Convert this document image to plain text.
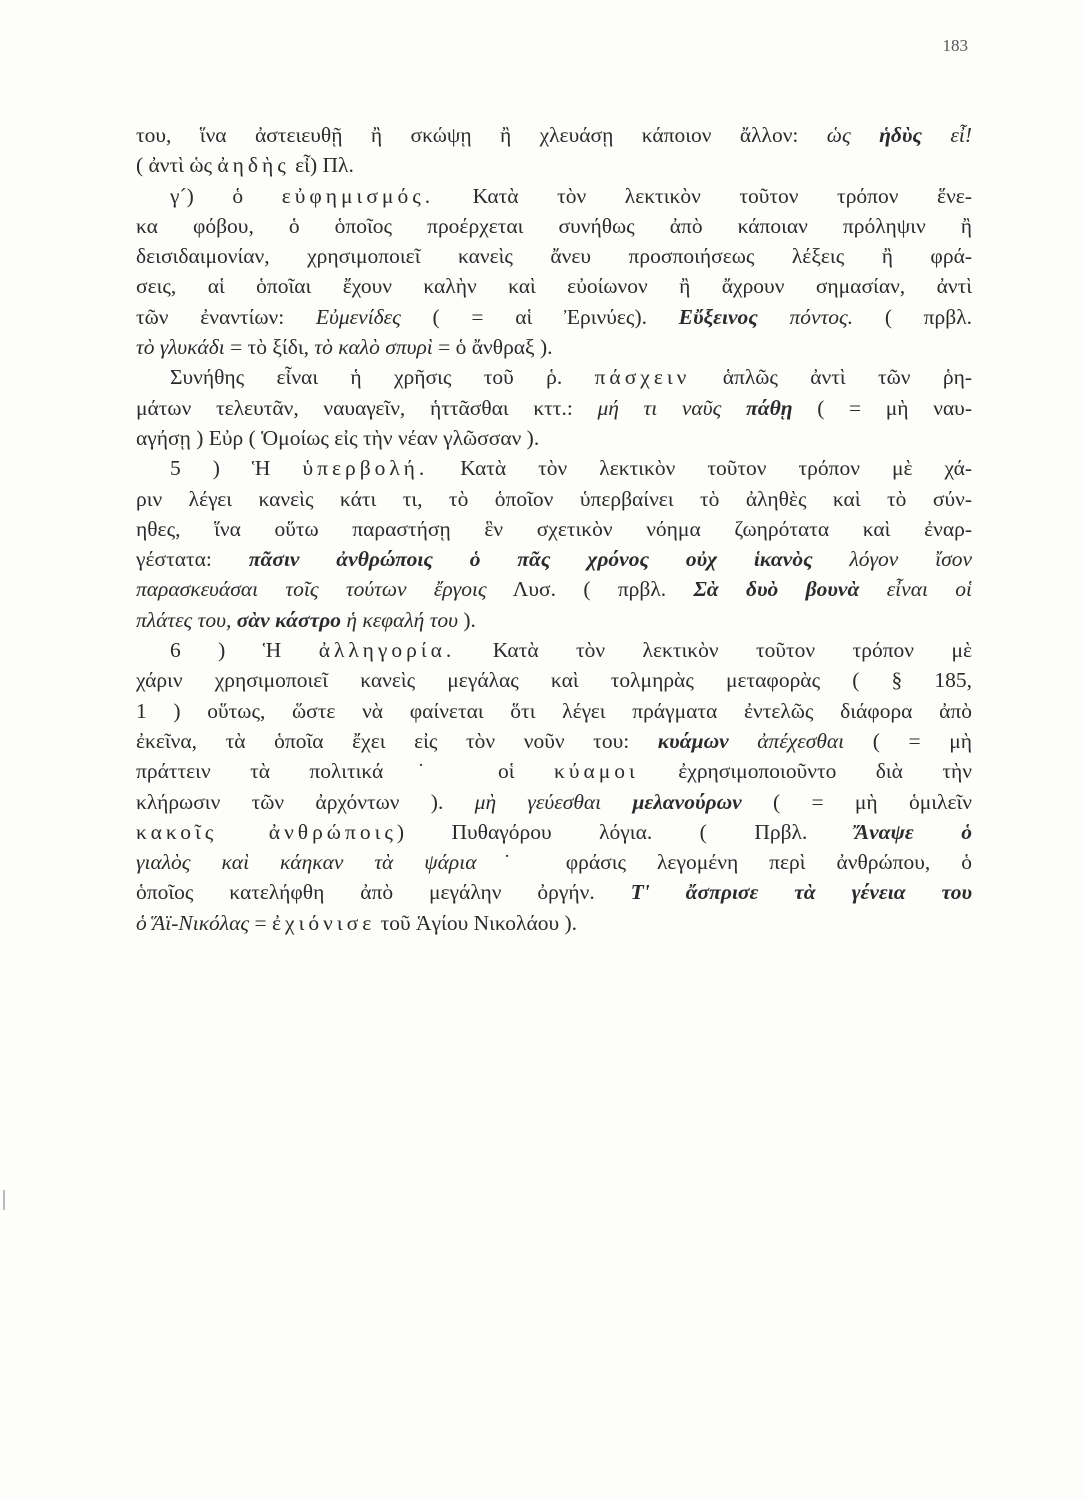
183
του, ἵνα ἀστειευθῇ ἢ σκώψῃ ἢ χλευάσῃ κάποιον ἄλλον: ὡς ἡδὺς εἶ!
( ἀντὶ ὡς ἀηδὴς εἶ) Πλ.
γ´) ὁ εὐφημισμός. Κατὰ τὸν λεκτικὸν τοῦτον τρόπον ἕνε-
κα φόβου, ὁ ὁποῖος προέρχεται συνήθως ἀπὸ κάποιαν πρόληψιν ἢ
δεισιδαιμονίαν, χρησιμοποιεῖ κανεὶς ἄνευ προσποιήσεως λέξεις ἢ φρά-
σεις, αἱ ὁποῖαι ἔχουν καλὴν καὶ εὐοίωνον ἢ ἄχρουν σημασίαν, ἀντὶ
τῶν ἐναντίων: Εὐμενίδες ( = αἱ Ἐρινύες). Εὔξεινος πόντος. ( πρβλ.
τὸ γλυκάδι = τὸ ξίδι, τὸ καλὸ σπυρὶ = ὁ ἄνθραξ ).
Συνήθης εἶναι ἡ χρῆσις τοῦ ῥ. πάσχειν ἁπλῶς ἀντὶ τῶν ῥη-
μάτων τελευτᾶν, ναυαγεῖν, ἡττᾶσθαι κττ.: μή τι ναῦς πάθῃ ( = μὴ ναυ-
αγήσῃ ) Εὐρ ( Ὁμοίως εἰς τὴν νέαν γλῶσσαν ).
5 ) Ἡ ὑπερβολή. Κατὰ τὸν λεκτικὸν τοῦτον τρόπον μὲ χά-
ριν λέγει κανεὶς κάτι τι, τὸ ὁποῖον ὑπερβαίνει τὸ ἀληθὲς καὶ τὸ σύν-
ηθες, ἵνα οὕτω παραστήσῃ ἓν σχετικὸν νόημα ζωηρότατα καὶ ἐναρ-
γέστατα: πᾶσιν ἀνθρώποις ὁ πᾶς χρόνος οὐχ ἱκανὸς λόγον ἴσον
παρασκευάσαι τοῖς τούτων ἔργοις Λυσ. ( πρβλ. Σὰ δυὸ βουνὰ εἶναι οἱ
πλάτες του, σὰν κάστρο ἡ κεφαλή του ).
6 ) Ἡ ἀλληγορία. Κατὰ τὸν λεκτικὸν τοῦτον τρόπον μὲ
χάριν χρησιμοποιεῖ κανεὶς μεγάλας καὶ τολμηρὰς μεταφορὰς ( § 185,
1 ) οὕτως, ὥστε νὰ φαίνεται ὅτι λέγει πράγματα ἐντελῶς διάφορα ἀπὸ
ἐκεῖνα, τὰ ὁποῖα ἔχει εἰς τὸν νοῦν του: κυάμων ἀπέχεσθαι ( = μὴ
πράττειν τὰ πολιτικά˙ οἱ κύαμοι ἐχρησιμοποιοῦντο διὰ τὴν
κλήρωσιν τῶν ἀρχόντων ). μὴ γεύεσθαι μελανούρων ( = μὴ ὁμιλεῖν
κακοῖς ἀνθρώποις) Πυθαγόρου λόγια. ( Πρβλ. Ἄναψε ὁ
γιαλὸς καὶ κάηκαν τὰ ψάρια˙ φράσις λεγομένη περὶ ἀνθρώπου, ὁ
ὁποῖος κατελήφθη ἀπὸ μεγάλην ὀργήν. Τ' ἄσπρισε τὰ γένεια του
ὁ Ἅϊ-Νικόλας = ἐχιόνισε τοῦ Ἁγίου Νικολάου ).
